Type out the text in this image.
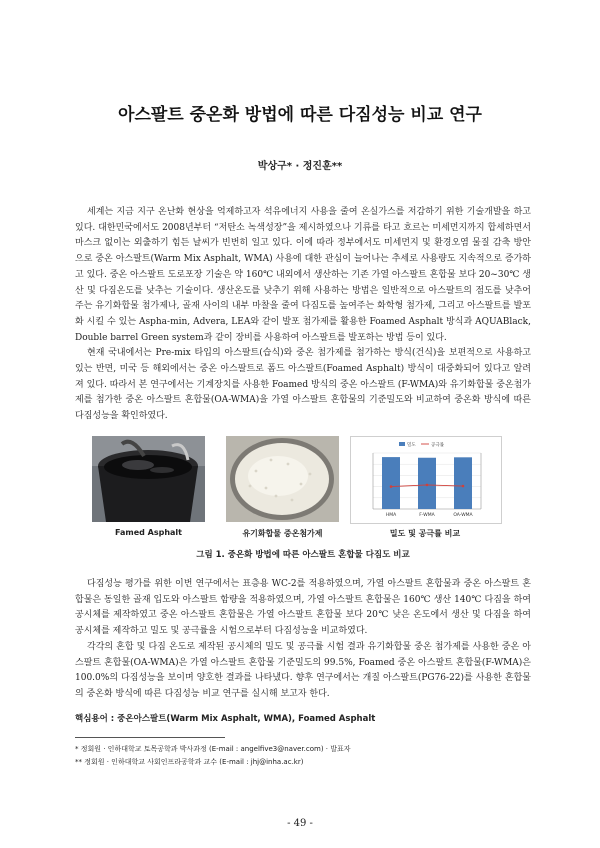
아스팔트 중온화 방법에 따른 다짐성능 비교 연구
박상구* · 정진훈**

세계는 지금 지구 온난화 현상을 억제하고자 석유에너지 사용을 줄여 온실가스를 저감하기 위한 기술개발을 하고 있다. 대한민국에서도 2008년부터 “저탄소 녹색성장”을 제시하였으나 기류를 타고 흐르는 미세먼지까지 합세하면서 마스크 없이는 외출하기 힘든 날씨가 빈번히 일고 있다. 이에 따라 정부에서도 미세먼지 및 환경오염 물질 감축 방안으로 중온 아스팔트(Warm Mix Asphalt, WMA) 사용에 대한 관심이 늘어나는 추세로 사용량도 지속적으로 증가하고 있다. 중온 아스팔트 도로포장 기술은 약 160℃ 내외에서 생산하는 기존 가열 아스팔트 혼합물 보다 20~30℃ 생산 및 다짐온도를 낮추는 기술이다. 생산온도를 낮추기 위해 사용하는 방법은 일반적으로 아스팔트의 점도를 낮추어 주는 유기화합물 첨가제나, 골재 사이의 내부 마찰을 줄여 다짐도를 높여주는 화학형 첨가제, 그리고 아스팔트를 발포화 시킬 수 있는 Aspha-min, Advera, LEA와 같이 발포 첨가제를 활용한 Foamed Asphalt 방식과 AQUABlack, Double barrel Green system과 같이 장비를 사용하여 아스팔트를 발포하는 방법 등이 있다.

현재 국내에서는 Pre-mix 타입의 아스팔트(습식)와 중온 첨가제를 첨가하는 방식(건식)을 보편적으로 사용하고 있는 반면, 미국 등 해외에서는 중온 아스팔트로 폼드 아스팔트(Foamed Asphalt) 방식이 대중화되어 있다고 알려져 있다. 따라서 본 연구에서는 기계장치를 사용한 Foamed 방식의 중온 아스팔트 (F-WMA)와 유기화합물 중온첨가제를 첨가한 중온 아스팔트 혼합물(OA-WMA)을 가열 아스팔트 혼합물의 기준밀도와 비교하여 중온화 방식에 따른 다짐성능을 확인하였다.

HMA	F-WMA	OA-WMA
밀도	공극률
Famed Asphalt	유기화합물 중온첨가제	밀도 및 공극률 비교
그림 1. 중온화 방법에 따른 아스팔트 혼합물 다짐도 비교

다짐성능 평가를 위한 이번 연구에서는 표층용 WC-2를 적용하였으며, 가열 아스팔트 혼합물과 중온 아스팔트 혼합물은 동일한 골재 입도와 아스팔트 함량을 적용하였으며, 가열 아스팔트 혼합물은 160℃ 생산 140℃ 다짐을 하여 공시체를 제작하였고 중온 아스팔트 혼합물은 가열 아스팔트 혼합물 보다 20℃ 낮은 온도에서 생산 및 다짐을 하여 공시체를 제작하고 밀도 및 공극률을 시험으로부터 다짐성능을 비교하였다.

각각의 혼합 및 다짐 온도로 제작된 공시체의 밀도 및 공극률 시험 결과 유기화합물 중온 첨가제를 사용한 중온 아스팔트 혼합물(OA-WMA)은 가열 아스팔트 혼합물 기준밀도의 99.5%, Foamed 중온 아스팔트 혼합물(F-WMA)은 100.0%의 다짐성능을 보이며 양호한 결과를 나타냈다. 향후 연구에서는 개질 아스팔트(PG76-22)를 사용한 혼합물의 중온화 방식에 따른 다짐성능 비교 연구를 실시해 보고자 한다.

핵심용어 : 중온아스팔트(Warm Mix Asphalt, WMA), Foamed Asphalt
* 정회원 · 인하대학교 토목공학과 박사과정 (E-mail : angelfive3@naver.com) · 발표자
** 정회원 · 인하대학교 사회인프라공학과 교수 (E-mail : jhj@inha.ac.kr)
- 49 -
